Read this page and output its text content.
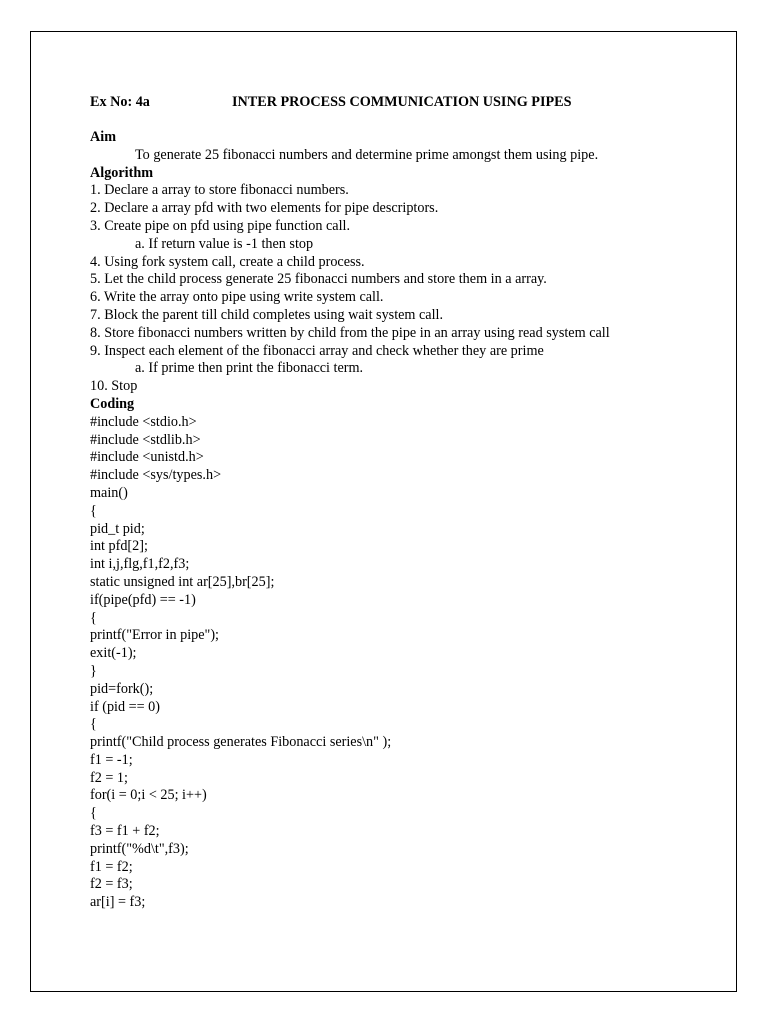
Ex No: 4a	INTER PROCESS COMMUNICATION USING PIPES
Aim
To generate 25 fibonacci numbers and determine prime amongst them using pipe.
Algorithm
1. Declare a array to store fibonacci numbers.
2. Declare a array pfd with two elements for pipe descriptors.
3. Create pipe on pfd using pipe function call.
a. If return value is -1 then stop
4. Using fork system call, create a child process.
5. Let the child process generate 25 fibonacci numbers and store them in a array.
6. Write the array onto pipe using write system call.
7. Block the parent till child completes using wait system call.
8. Store fibonacci numbers written by child from the pipe in an array using read system call
9. Inspect each element of the fibonacci array and check whether they are prime
a. If prime then print the fibonacci term.
10. Stop
Coding
#include <stdio.h>
#include <stdlib.h>
#include <unistd.h>
#include <sys/types.h>
main()
{
pid_t pid;
int pfd[2];
int i,j,flg,f1,f2,f3;
static unsigned int ar[25],br[25];
if(pipe(pfd) == -1)
{
printf("Error in pipe");
exit(-1);
}
pid=fork();
if (pid == 0)
{
printf("Child process generates Fibonacci series\n" );
f1 = -1;
f2 = 1;
for(i = 0;i < 25; i++)
{
f3 = f1 + f2;
printf("%d\t",f3);
f1 = f2;
f2 = f3;
ar[i] = f3;
